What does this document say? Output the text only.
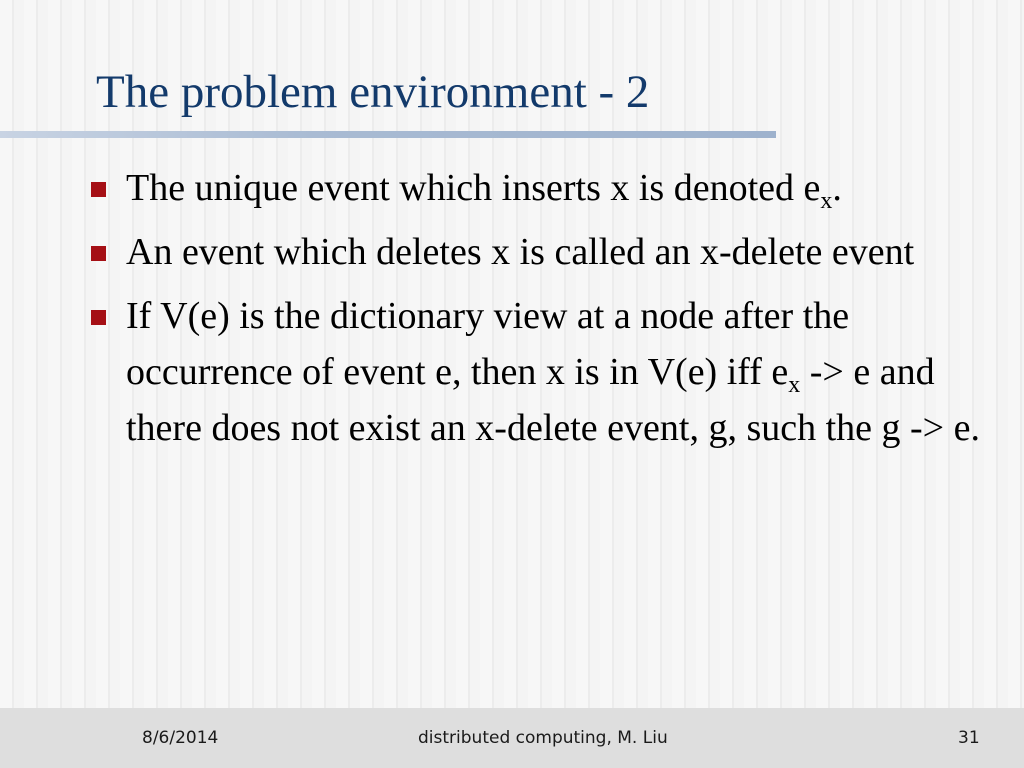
The problem environment - 2
The unique event which inserts x is denoted $e_x$.
An event which deletes x is called an x-delete event
If V(e) is the dictionary view at a node after the occurrence of event e, then x is in V(e) iff $e_x -> e$ and there does not exist an x-delete event, g, such the g -> e.
8/6/2014	distributed computing, M. Liu	31
